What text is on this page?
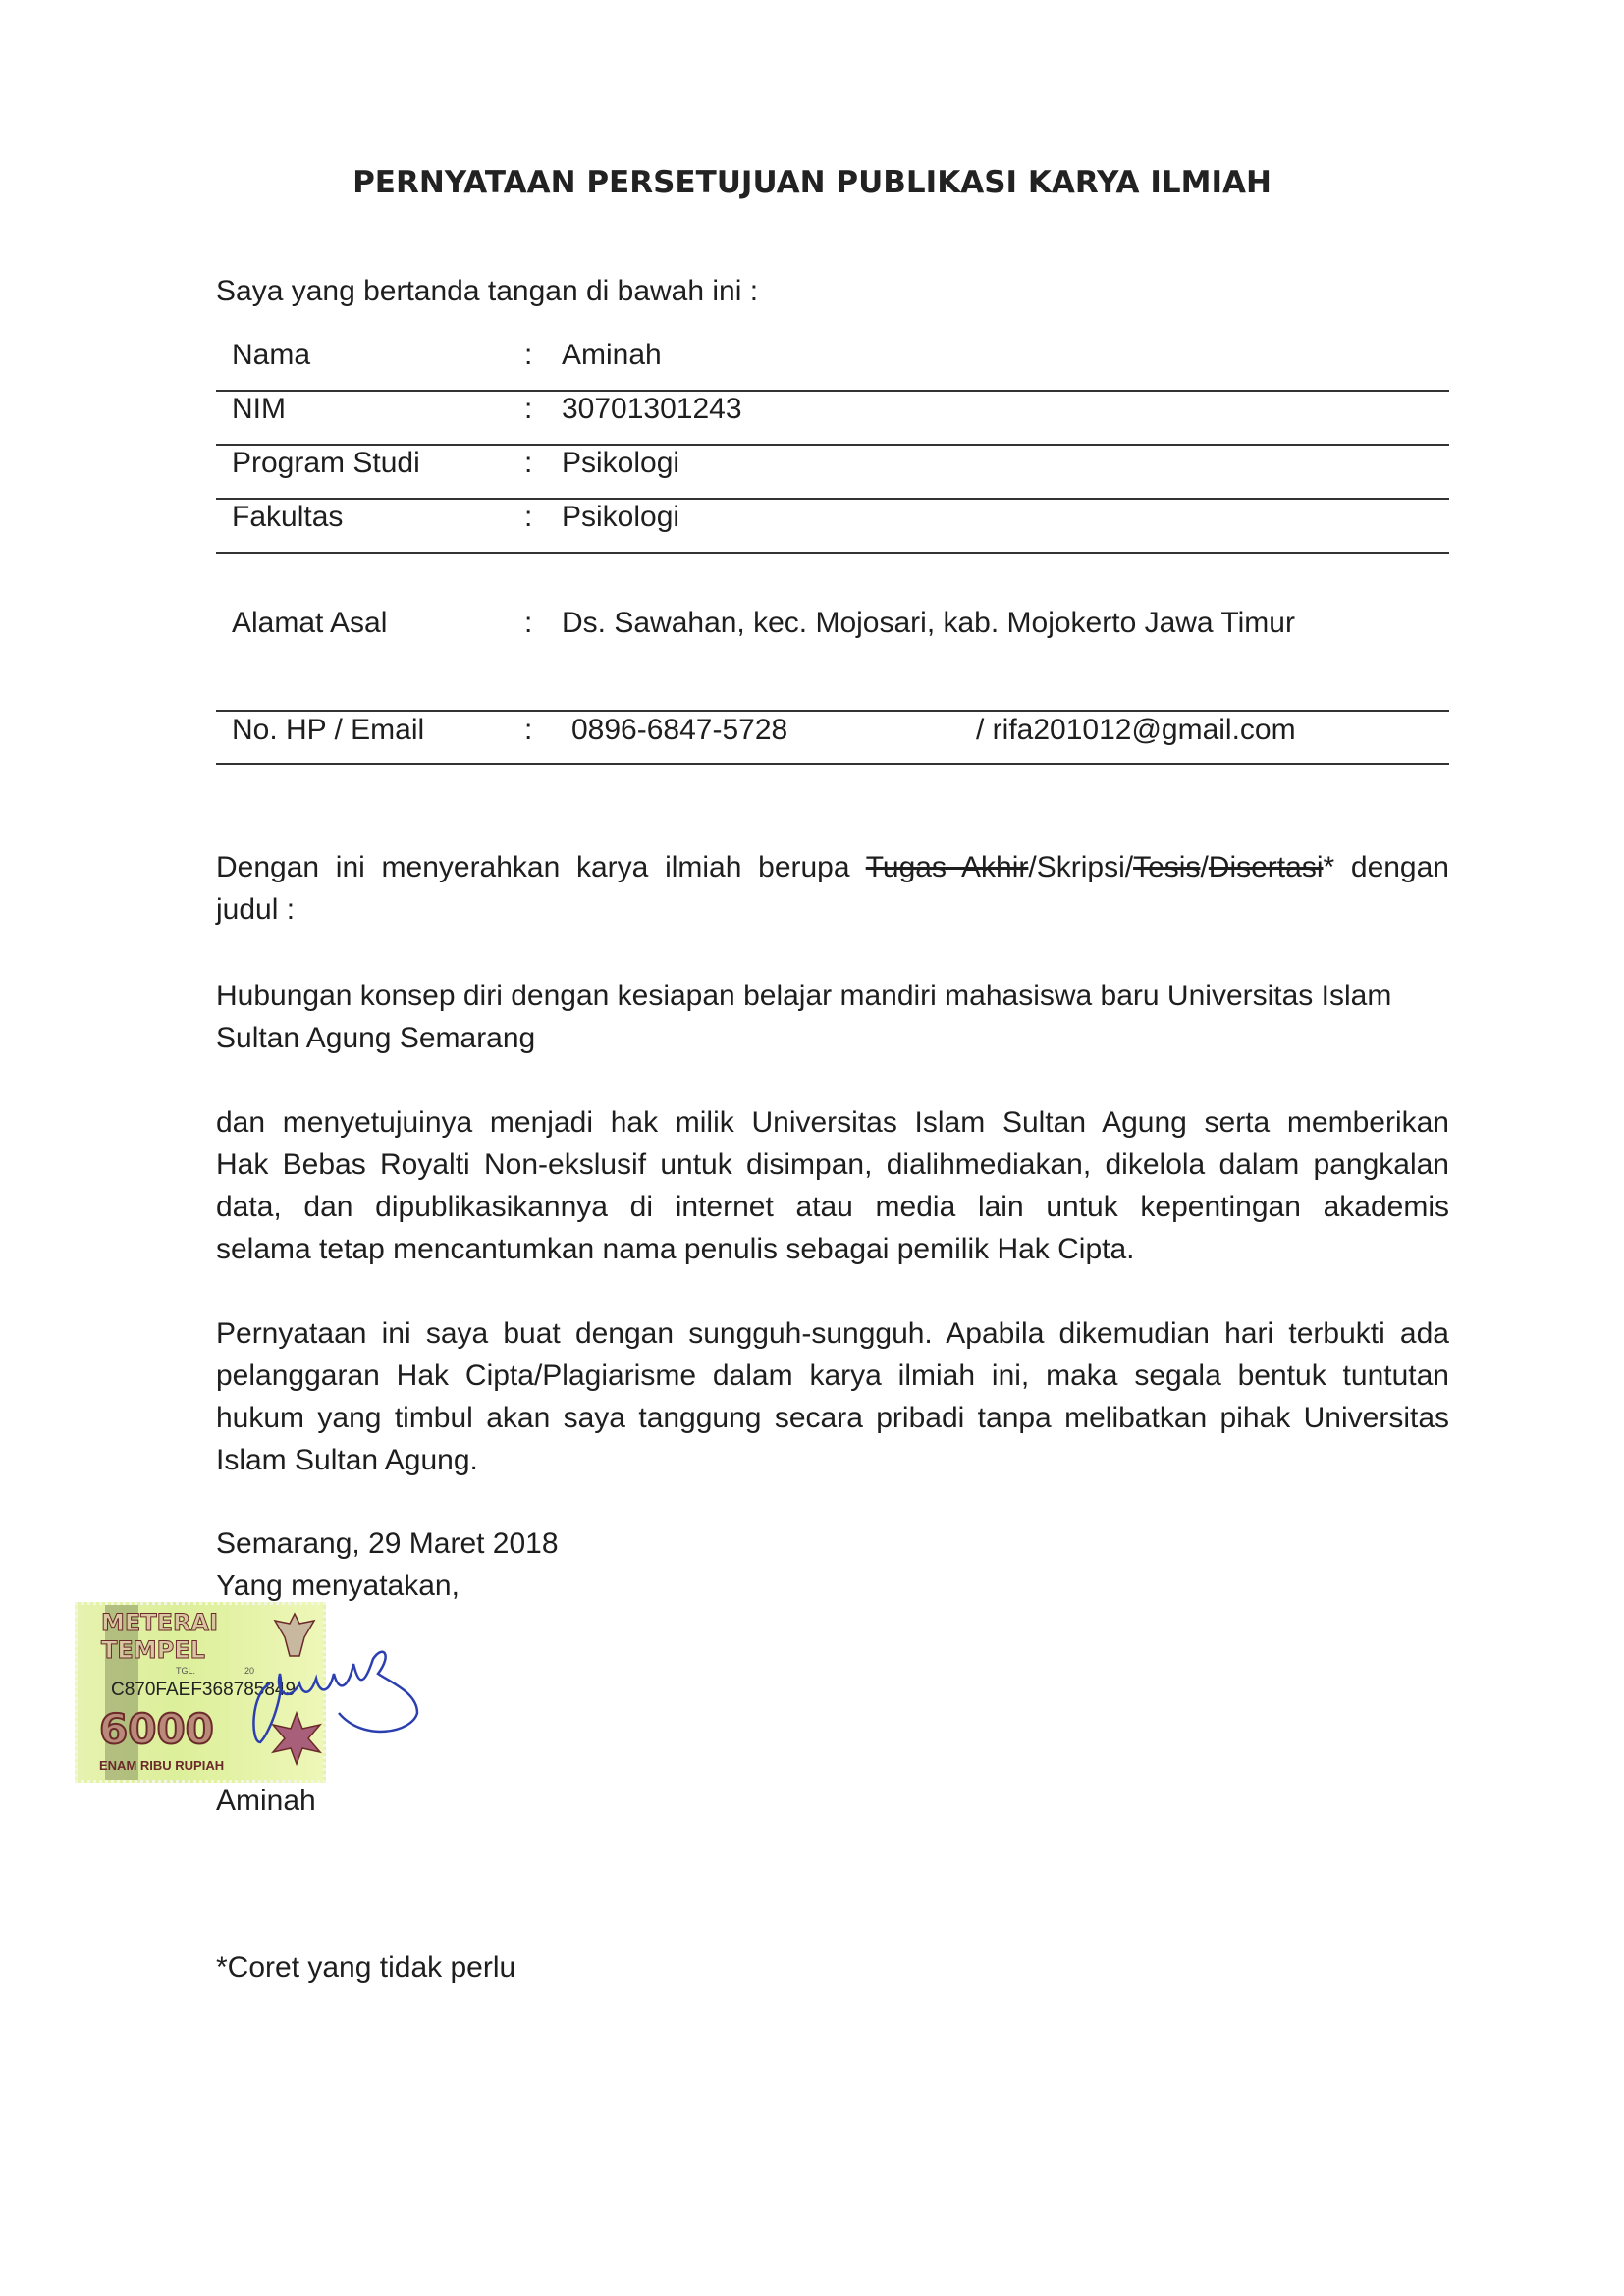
PERNYATAAN PERSETUJUAN PUBLIKASI KARYA ILMIAH
Saya yang bertanda tangan di bawah ini :
Nama	: Aminah
NIM	: 30701301243
Program Studi	: Psikologi
Fakultas	: Psikologi
Alamat Asal	: Ds. Sawahan, kec. Mojosari, kab. Mojokerto Jawa Timur
No. HP / Email	: 0896-6847-5728	/ rifa201012@gmail.com
Dengan ini menyerahkan karya ilmiah berupa Tugas Akhir/Skripsi/Tesis/Disertasi* dengan
judul :
Hubungan konsep diri dengan kesiapan belajar mandiri mahasiswa baru Universitas Islam
Sultan Agung Semarang
dan menyetujuinya menjadi hak milik Universitas Islam Sultan Agung serta memberikan
Hak Bebas Royalti Non-ekslusif untuk disimpan, dialihmediakan, dikelola dalam pangkalan
data, dan dipublikasikannya di internet atau media lain untuk kepentingan akademis
selama tetap mencantumkan nama penulis sebagai pemilik Hak Cipta.
Pernyataan ini saya buat dengan sungguh-sungguh. Apabila dikemudian hari terbukti ada
pelanggaran Hak Cipta/Plagiarisme dalam karya ilmiah ini, maka segala bentuk tuntutan
hukum yang timbul akan saya tanggung secara pribadi tanpa melibatkan pihak Universitas
Islam Sultan Agung.
Semarang, 29 Maret 2018
Yang menyatakan,
METERAI
TEMPEL
TGL.	20
C870FAEF368785849
6000
ENAM RIBU RUPIAH
Aminah
*Coret yang tidak perlu
